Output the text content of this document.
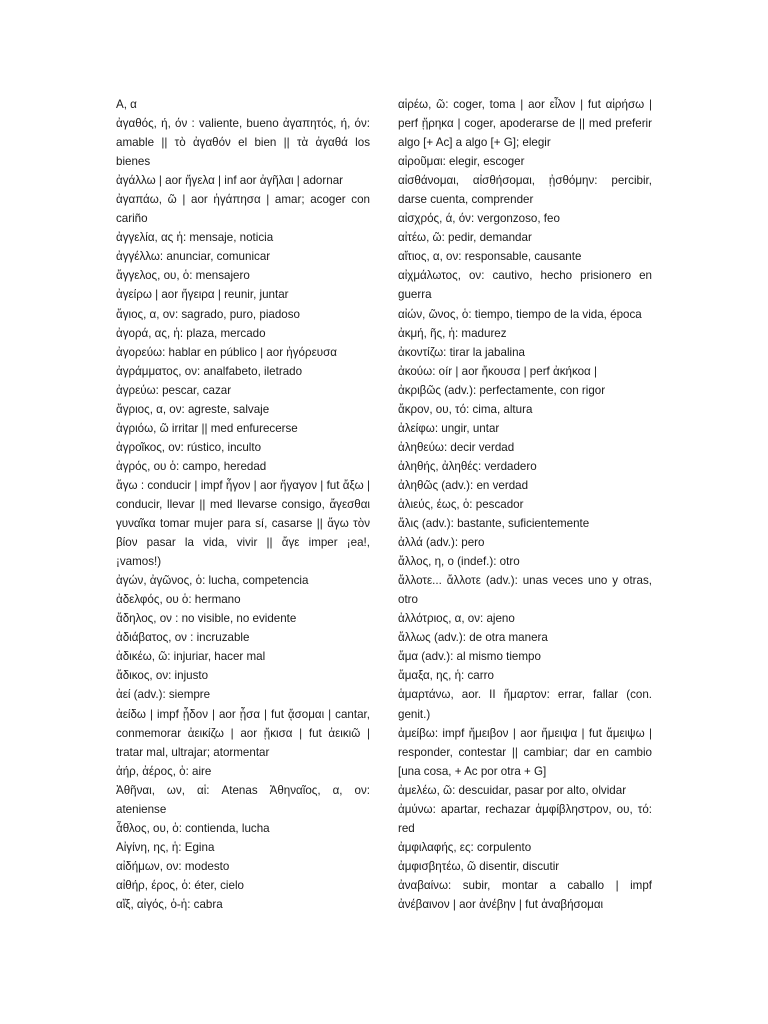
Α, α

ἀγαθός, ή, όν : valiente, bueno ἀγαπητός, ή, όν: amable || τὸ ἀγαθόν el bien || τὰ ἀγαθά los bienes

ἀγάλλω | aor ἤγελα | inf aor ἀγῆλαι | adornar

ἀγαπάω, ῶ | aor ἠγάπησα | amar; acoger con cariño

ἀγγελία, ας ἡ: mensaje, noticia

ἀγγέλλω: anunciar, comunicar

ἄγγελος, ου, ὁ: mensajero

ἀγείρω | aor ἤγειρα | reunir, juntar

ἅγιος, α, ον: sagrado, puro, piadoso

ἀγορά, ας, ἡ: plaza, mercado

ἀγορεύω: hablar en público | aor ἠγόρευσα

ἀγράμματος, ον: analfabeto, iletrado

ἀγρεύω: pescar, cazar

ἄγριος, α, ον: agreste, salvaje

ἀγριόω, ῶ irritar || med enfurecerse

ἀγροῖκος, ον: rústico, inculto

ἀγρός, ου ὁ: campo, heredad

ἄγω : conducir | impf ἦγον | aor ἤγαγον | fut ἄξω | conducir, llevar || med llevarse consigo, ἄγεσθαι γυναῖκα tomar mujer para sí, casarse || ἄγω τὸν βίον pasar la vida, vivir || ἄγε imper ¡ea!, ¡vamos!)

ἀγών, ἀγῶνος, ὁ: lucha, competencia

ἀδελφός, ου ὁ: hermano

ἄδηλος, ον : no visible, no evidente

ἀδιάβατος, ον : incruzable

ἀδικέω, ῶ: injuriar, hacer mal

ἄδικος, ον: injusto

ἀεί (adv.): siempre

ἀείδω | impf ᾖδον | aor ᾖσα | fut ᾄσομαι | cantar, conmemorar ἀεικίζω | aor ᾔκισα | fut ἀεικιῶ | tratar mal, ultrajar; atormentar

ἀήρ, ἀέρος, ὁ: aire

Ἀθῆναι, ων, αἱ: Atenas Ἀθηναῖος, α, ον: ateniense

ἆθλος, ου, ὁ: contienda, lucha

Αἰγίνη, ης, ἡ: Egina

αἰδήμων, ον: modesto

αἰθήρ, έρος, ὁ: éter, cielo

αἴξ, αἰγός, ὁ-ἡ: cabra

αἱρέω, ῶ: coger, toma | aor εἷλον | fut αἱρήσω | perf ᾕρηκα | coger, apoderarse de || med preferir algo [+ Ac] a algo [+ G]; elegir

αἱροῦμαι: elegir, escoger

αἰσθάνομαι, αἰσθήσομαι, ᾐσθόμην: percibir, darse cuenta, comprender

αἰσχρός, ά, όν: vergonzoso, feo

αἰτέω, ῶ: pedir, demandar

αἴτιος, α, ον: responsable, causante

αἰχμάλωτος, ον: cautivo, hecho prisionero en guerra

αἰών, ῶνος, ὁ: tiempo, tiempo de la vida, época

ἀκμή, ῆς, ἡ: madurez

ἀκοντίζω: tirar la jabalina

ἀκούω: oír | aor ἤκουσα | perf ἀκήκοα |

ἀκριβῶς (adv.): perfectamente, con rigor

ἄκρον, ου, τό: cima, altura

ἀλείφω: ungir, untar

ἀληθεύω: decir verdad

ἀληθής, ἀληθές: verdadero

ἀληθῶς (adv.): en verdad

ἁλιεύς, έως, ὁ: pescador

ἅλις (adv.): bastante, suficientemente

ἀλλά (adv.): pero

ἄλλος, η, ο (indef.): otro

ἄλλοτε... ἄλλοτε (adv.): unas veces uno y otras, otro

ἀλλότριος, α, ον: ajeno

ἄλλως (adv.): de otra manera

ἅμα (adv.): al mismo tiempo

ἅμαξα, ης, ἡ: carro

ἁμαρτάνω, aor. II ἥμαρτον: errar, fallar (con. genit.)

ἀμείβω: impf ἤμειβον | aor ἤμειψα | fut ἄμειψω | responder, contestar || cambiar; dar en cambio [una cosa, + Ac por otra + G]

ἀμελέω, ῶ: descuidar, pasar por alto, olvidar

ἀμύνω: apartar, rechazar ἀμφίβληστρον, ου, τό: red

ἀμφιλαφής, ες: corpulento

ἀμφισβητέω, ῶ disentir, discutir

ἀναβαίνω: subir, montar a caballo | impf ἀνέβαινον | aor ἀνέβην | fut ἀναβήσομαι
